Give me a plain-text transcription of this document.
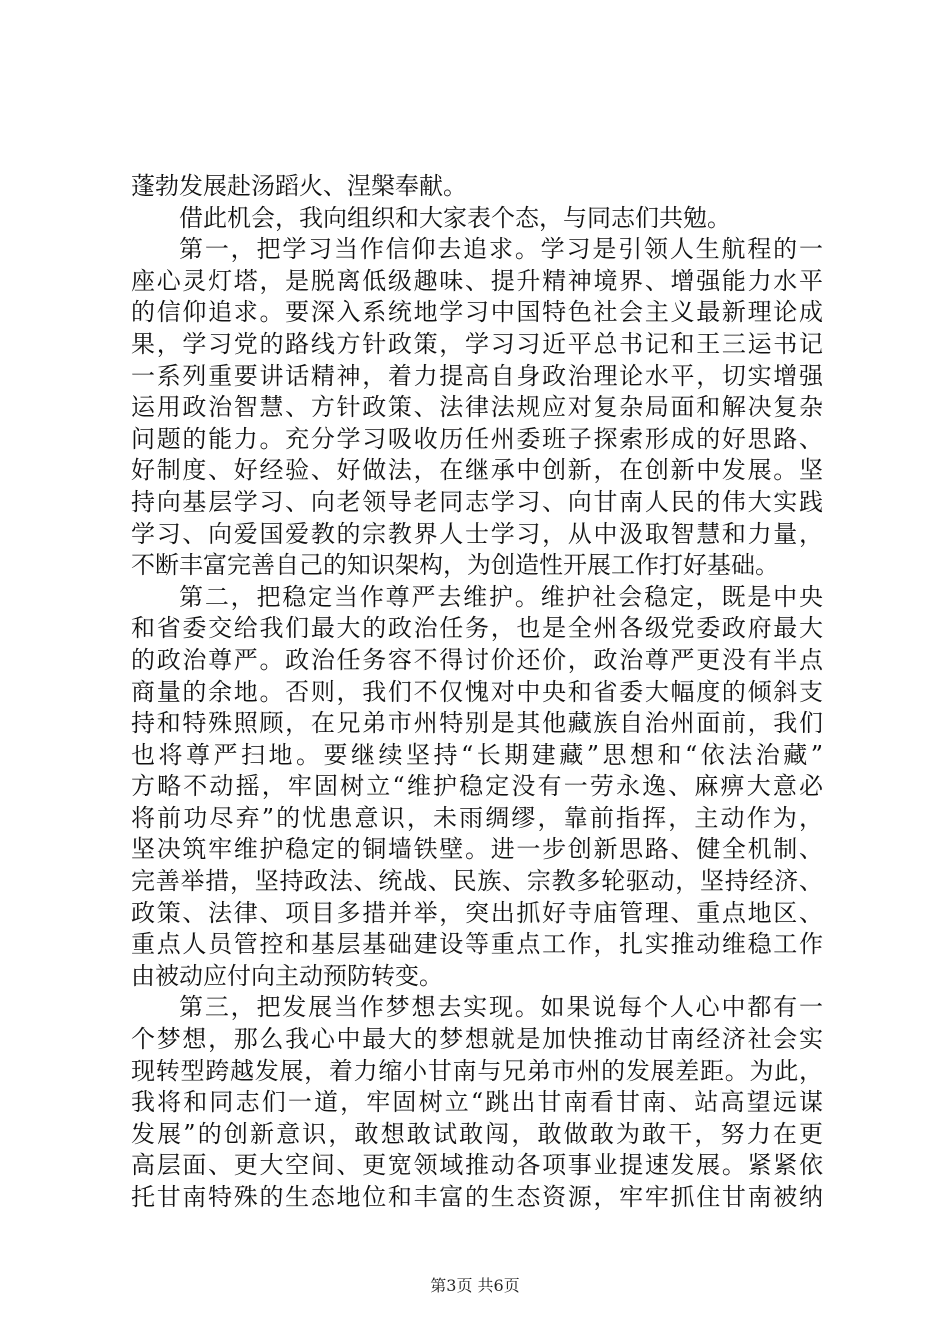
蓬勃发展赴汤蹈火、涅槃奉献。
借此机会，我向组织和大家表个态，与同志们共勉。
第一，把学习当作信仰去追求。学习是引领人生航程的一
座心灵灯塔，是脱离低级趣味、提升精神境界、增强能力水平
的信仰追求。要深入系统地学习中国特色社会主义最新理论成
果，学习党的路线方针政策，学习习近平总书记和王三运书记
一系列重要讲话精神，着力提高自身政治理论水平，切实增强
运用政治智慧、方针政策、法律法规应对复杂局面和解决复杂
问题的能力。充分学习吸收历任州委班子探索形成的好思路、
好制度、好经验、好做法，在继承中创新，在创新中发展。坚
持向基层学习、向老领导老同志学习、向甘南人民的伟大实践
学习、向爱国爱教的宗教界人士学习，从中汲取智慧和力量，
不断丰富完善自己的知识架构，为创造性开展工作打好基础。
第二，把稳定当作尊严去维护。维护社会稳定，既是中央
和省委交给我们最大的政治任务，也是全州各级党委政府最大
的政治尊严。政治任务容不得讨价还价，政治尊严更没有半点
商量的余地。否则，我们不仅愧对中央和省委大幅度的倾斜支
持和特殊照顾，在兄弟市州特别是其他藏族自治州面前，我们
也将尊严扫地。要继续坚持“长期建藏”思想和“依法治藏”
方略不动摇，牢固树立“维护稳定没有一劳永逸、麻痹大意必
将前功尽弃”的忧患意识，未雨绸缪，靠前指挥，主动作为，
坚决筑牢维护稳定的铜墙铁壁。进一步创新思路、健全机制、
完善举措，坚持政法、统战、民族、宗教多轮驱动，坚持经济、
政策、法律、项目多措并举，突出抓好寺庙管理、重点地区、
重点人员管控和基层基础建设等重点工作，扎实推动维稳工作
由被动应付向主动预防转变。
第三，把发展当作梦想去实现。如果说每个人心中都有一
个梦想，那么我心中最大的梦想就是加快推动甘南经济社会实
现转型跨越发展，着力缩小甘南与兄弟市州的发展差距。为此，
我将和同志们一道，牢固树立“跳出甘南看甘南、站高望远谋
发展”的创新意识，敢想敢试敢闯，敢做敢为敢干，努力在更
高层面、更大空间、更宽领域推动各项事业提速发展。紧紧依
托甘南特殊的生态地位和丰富的生态资源，牢牢抓住甘南被纳
第3页 共6页
